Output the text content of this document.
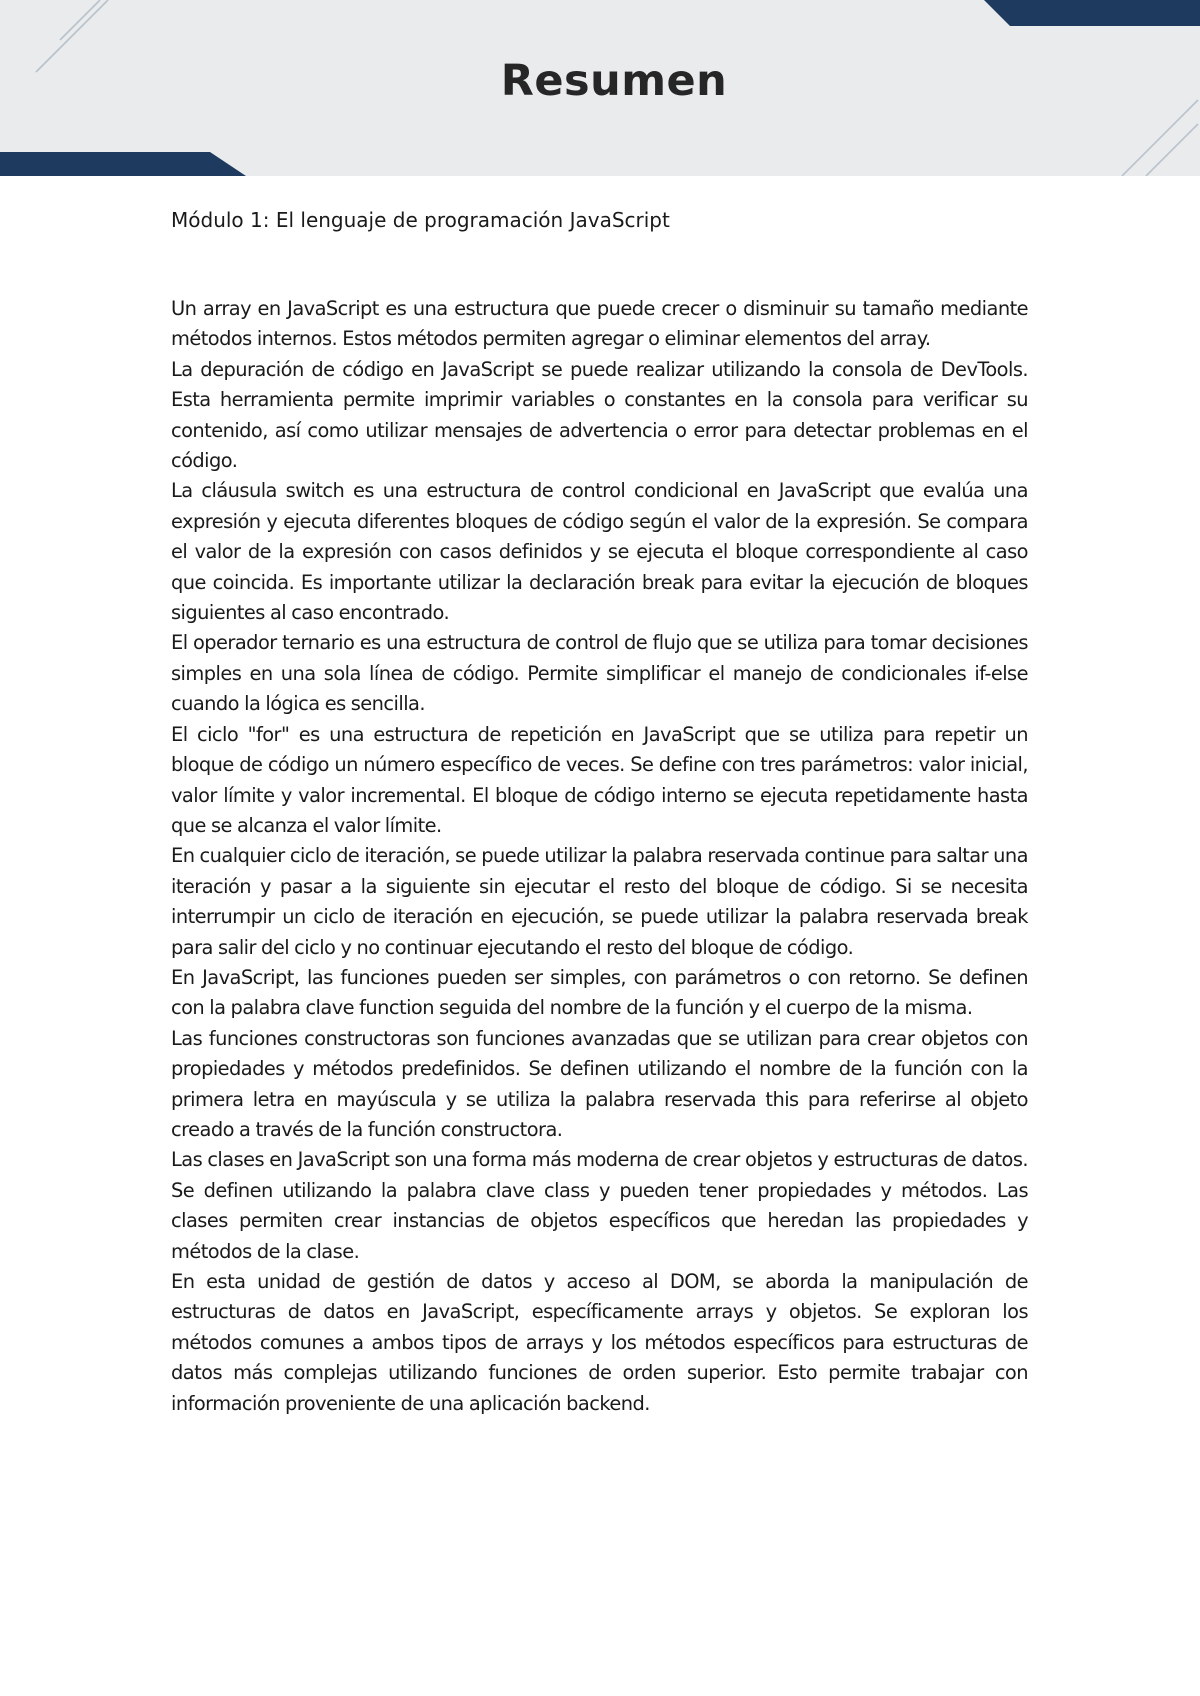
Resumen
Módulo 1: El lenguaje de programación JavaScript

Un array en JavaScript es una estructura que puede crecer o disminuir su tamaño mediante métodos internos. Estos métodos permiten agregar o eliminar elementos del array.

La depuración de código en JavaScript se puede realizar utilizando la consola de DevTools. Esta herramienta permite imprimir variables o constantes en la consola para verificar su contenido, así como utilizar mensajes de advertencia o error para detectar problemas en el código.

La cláusula switch es una estructura de control condicional en JavaScript que evalúa una expresión y ejecuta diferentes bloques de código según el valor de la expresión. Se compara el valor de la expresión con casos definidos y se ejecuta el bloque correspondiente al caso que coincida. Es importante utilizar la declaración break para evitar la ejecución de bloques siguientes al caso encontrado.

El operador ternario es una estructura de control de flujo que se utiliza para tomar decisiones simples en una sola línea de código. Permite simplificar el manejo de condicionales if-else cuando la lógica es sencilla.

El ciclo "for" es una estructura de repetición en JavaScript que se utiliza para repetir un bloque de código un número específico de veces. Se define con tres parámetros: valor inicial, valor límite y valor incremental. El bloque de código interno se ejecuta repetidamente hasta que se alcanza el valor límite.

En cualquier ciclo de iteración, se puede utilizar la palabra reservada continue para saltar una iteración y pasar a la siguiente sin ejecutar el resto del bloque de código. Si se necesita interrumpir un ciclo de iteración en ejecución, se puede utilizar la palabra reservada break para salir del ciclo y no continuar ejecutando el resto del bloque de código.

En JavaScript, las funciones pueden ser simples, con parámetros o con retorno. Se definen con la palabra clave function seguida del nombre de la función y el cuerpo de la misma.

Las funciones constructoras son funciones avanzadas que se utilizan para crear objetos con propiedades y métodos predefinidos. Se definen utilizando el nombre de la función con la primera letra en mayúscula y se utiliza la palabra reservada this para referirse al objeto creado a través de la función constructora.

Las clases en JavaScript son una forma más moderna de crear objetos y estructuras de datos. Se definen utilizando la palabra clave class y pueden tener propiedades y métodos. Las clases permiten crear instancias de objetos específicos que heredan las propiedades y métodos de la clase.

En esta unidad de gestión de datos y acceso al DOM, se aborda la manipulación de estructuras de datos en JavaScript, específicamente arrays y objetos. Se exploran los métodos comunes a ambos tipos de arrays y los métodos específicos para estructuras de datos más complejas utilizando funciones de orden superior. Esto permite trabajar con información proveniente de una aplicación backend.
